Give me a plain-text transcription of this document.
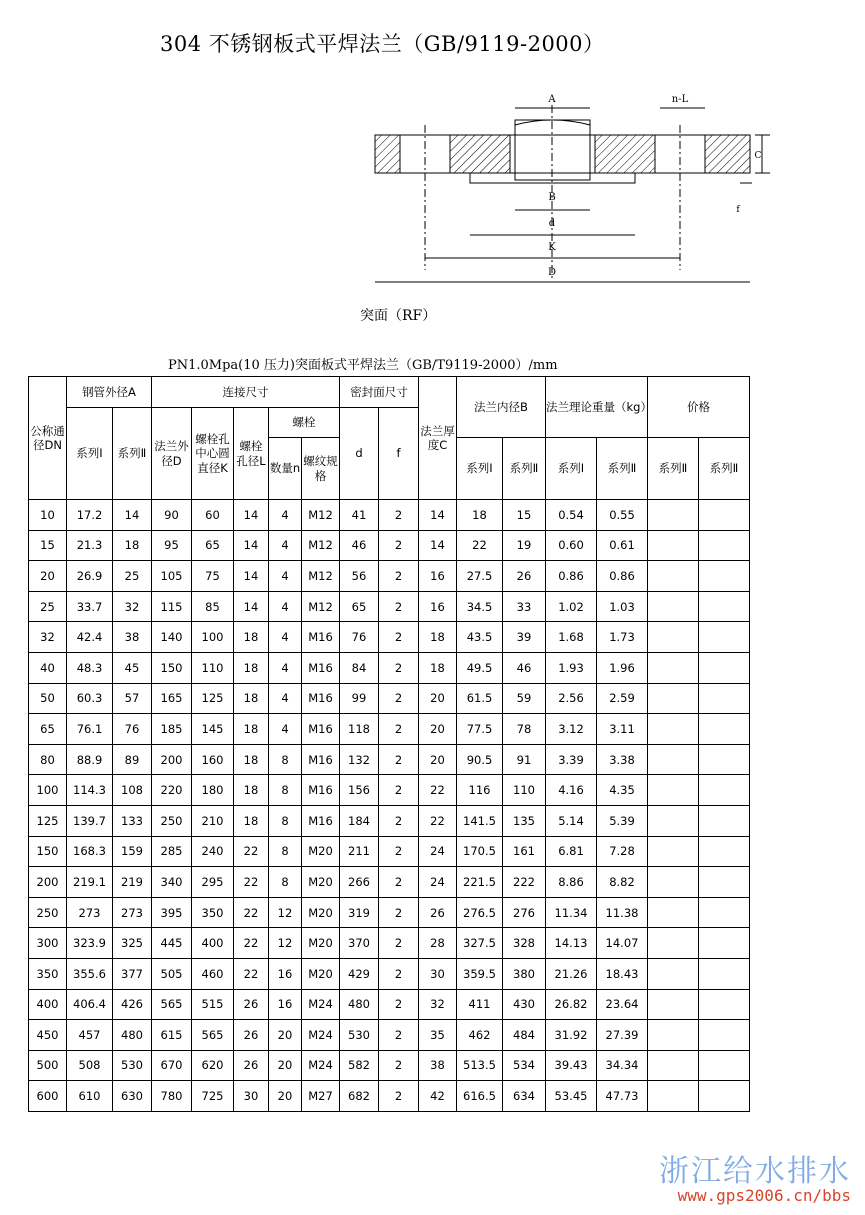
304 不锈钢板式平焊法兰（GB/9119-2000）
A	n-L
B
d
K
D
C
f
突面（RF）
PN1.0Mpa(10 压力)突面板式平焊法兰（GB/T9119-2000）/mm
公称通径DN	钢管外径A		连接尺寸					密封面尺寸		法兰厚度C	法兰内径B		法兰理论重量（kg）		价格	
	系列Ⅰ	系列Ⅱ	法兰外径D	螺栓孔中心圆直径K	螺栓孔径L	螺栓		d	f							
						数量n	螺纹规格				系列Ⅰ	系列Ⅱ	系列Ⅰ	系列Ⅱ	系列Ⅱ	系列Ⅱ
10	17.2	14	90	60	14	4	M12	41	2	14	18	15	0.54	0.55		
15	21.3	18	95	65	14	4	M12	46	2	14	22	19	0.60	0.61		
20	26.9	25	105	75	14	4	M12	56	2	16	27.5	26	0.86	0.86		
25	33.7	32	115	85	14	4	M12	65	2	16	34.5	33	1.02	1.03		
32	42.4	38	140	100	18	4	M16	76	2	18	43.5	39	1.68	1.73		
40	48.3	45	150	110	18	4	M16	84	2	18	49.5	46	1.93	1.96		
50	60.3	57	165	125	18	4	M16	99	2	20	61.5	59	2.56	2.59		
65	76.1	76	185	145	18	4	M16	118	2	20	77.5	78	3.12	3.11		
80	88.9	89	200	160	18	8	M16	132	2	20	90.5	91	3.39	3.38		
100	114.3	108	220	180	18	8	M16	156	2	22	116	110	4.16	4.35		
125	139.7	133	250	210	18	8	M16	184	2	22	141.5	135	5.14	5.39		
150	168.3	159	285	240	22	8	M20	211	2	24	170.5	161	6.81	7.28		
200	219.1	219	340	295	22	8	M20	266	2	24	221.5	222	8.86	8.82		
250	273	273	395	350	22	12	M20	319	2	26	276.5	276	11.34	11.38		
300	323.9	325	445	400	22	12	M20	370	2	28	327.5	328	14.13	14.07		
350	355.6	377	505	460	22	16	M20	429	2	30	359.5	380	21.26	18.43		
400	406.4	426	565	515	26	16	M24	480	2	32	411	430	26.82	23.64		
450	457	480	615	565	26	20	M24	530	2	35	462	484	31.92	27.39		
500	508	530	670	620	26	20	M24	582	2	38	513.5	534	39.43	34.34		
600	610	630	780	725	30	20	M27	682	2	42	616.5	634	53.45	47.73		
浙江给水排水
www.gps2006.cn/bbs
